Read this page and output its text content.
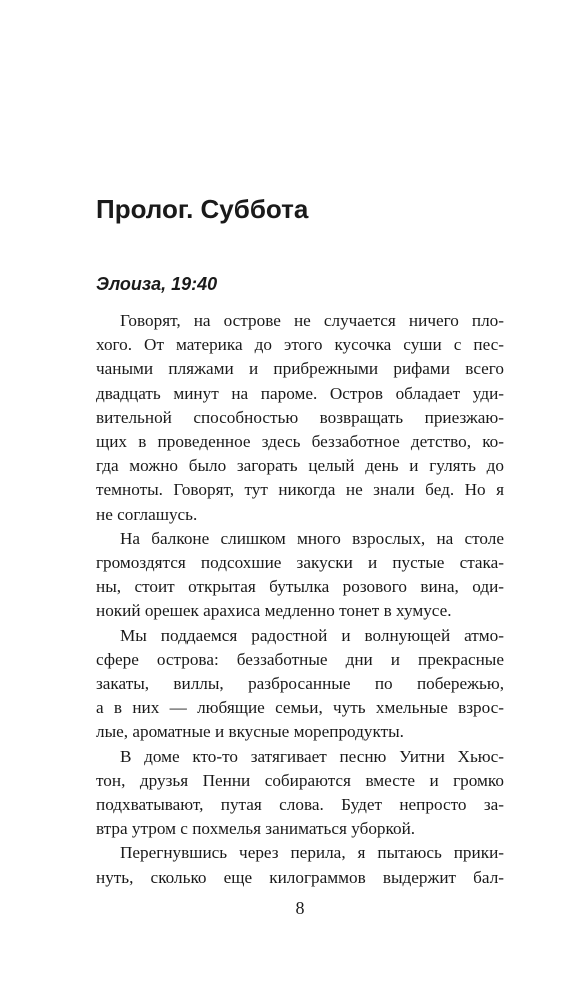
Пролог. Суббота
Элоиза, 19:40
Говорят, на острове не случается ничего пло-
хого. От материка до этого кусочка суши с пес-
чаными пляжами и прибрежными рифами всего
двадцать минут на пароме. Остров обладает уди-
вительной способностью возвращать приезжаю-
щих в проведенное здесь беззаботное детство, ко-
гда можно было загорать целый день и гулять до
темноты. Говорят, тут никогда не знали бед. Но я
не соглашусь.
На балконе слишком много взрослых, на столе
громоздятся подсохшие закуски и пустые стака-
ны, стоит открытая бутылка розового вина, оди-
нокий орешек арахиса медленно тонет в хумусе.
Мы поддаемся радостной и волнующей атмо-
сфере острова: беззаботные дни и прекрасные
закаты, виллы, разбросанные по побережью,
а в них — любящие семьи, чуть хмельные взрос-
лые, ароматные и вкусные морепродукты.
В доме кто-то затягивает песню Уитни Хьюс-
тон, друзья Пенни собираются вместе и громко
подхватывают, путая слова. Будет непросто за-
втра утром с похмелья заниматься уборкой.
Перегнувшись через перила, я пытаюсь прики-
нуть, сколько еще килограммов выдержит бал-
8
